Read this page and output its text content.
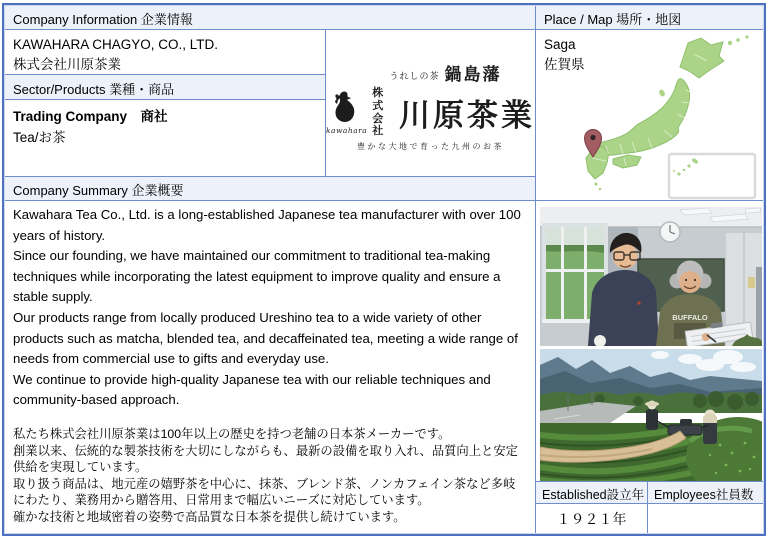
Company Information 企業情報
KAWAHARA CHAGYO, CO., LTD.
株式会社川原茶業
Sector/Products 業種・商品
Trading Company　商社
Tea/お茶
うれしの茶 鍋島藩
kawahara
株式
会社 川原茶業
豊かな大地で育った九州のお茶
Company Summary 企業概要
Kawahara Tea Co., Ltd. is a long-established Japanese tea manufacturer with over 100 years of history.
Since our founding, we have maintained our commitment to traditional tea-making techniques while incorporating the latest equipment to improve quality and ensure a stable supply.
Our products range from locally produced Ureshino tea to a wide variety of other products such as matcha, blended tea, and decaffeinated tea, meeting a wide range of needs from commercial use to gifts and everyday use.
We continue to provide high-quality Japanese tea with our reliable techniques and community-based approach.
私たち株式会社川原茶業は100年以上の歴史を持つ老舗の日本茶メーカーです。
創業以来、伝統的な製茶技術を大切にしながらも、最新の設備を取り入れ、品質向上と安定供給を実現しています。
取り扱う商品は、地元産の嬉野茶を中心に、抹茶、ブレンド茶、ノンカフェイン茶など多岐にわたり、業務用から贈答用、日常用まで幅広いニーズに対応しています。
確かな技術と地域密着の姿勢で高品質な日本茶を提供し続けています。
Place / Map 場所・地図
Saga
佐賀県
BUFFALO
Established設立年 Employees社員数
１９２１年
